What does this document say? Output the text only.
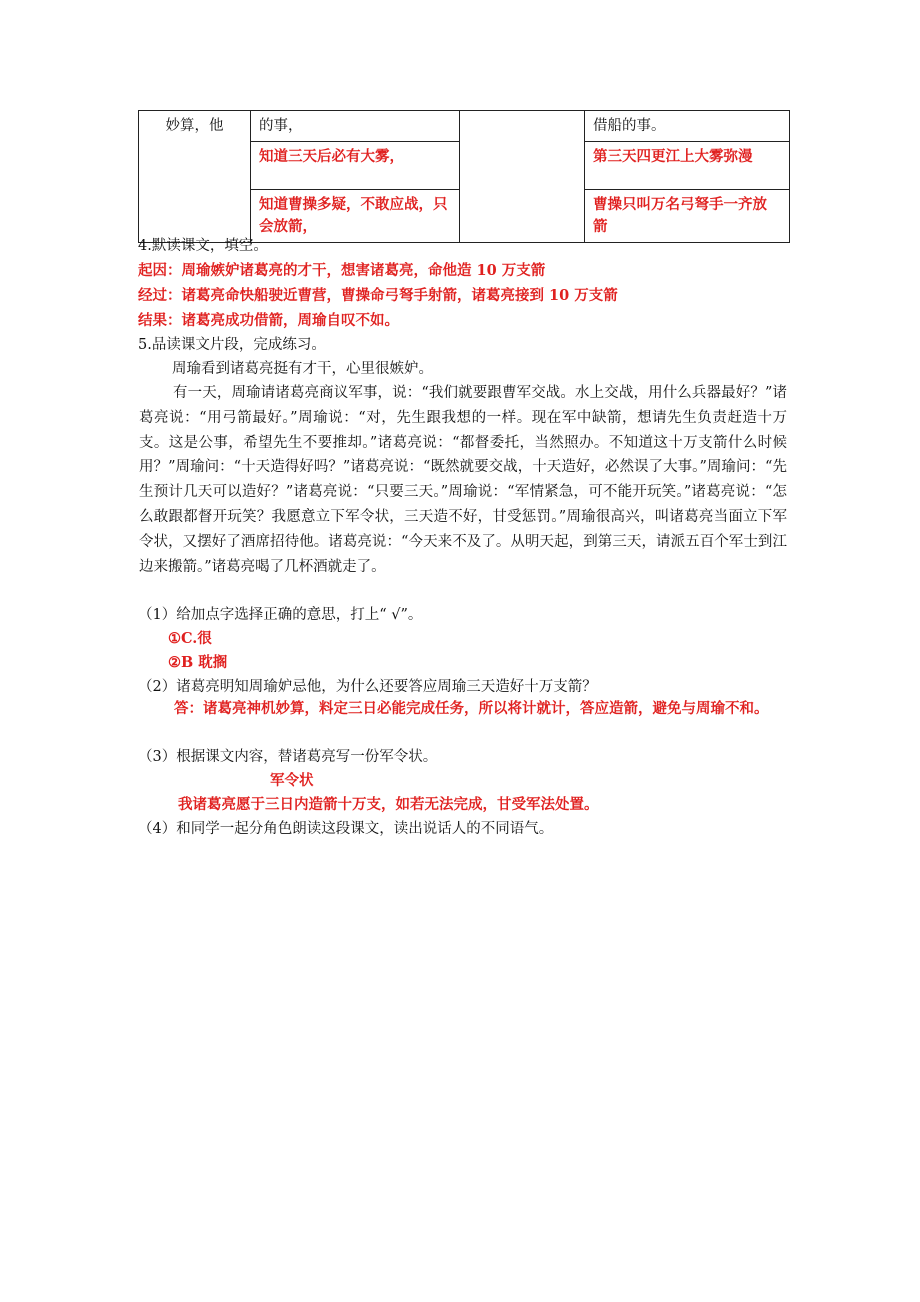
妙算，他	的事，		借船的事。
	知道三天后必有大雾，		第三天四更江上大雾弥漫
	知道曹操多疑，不敢应战，只会放箭，		曹操只叫万名弓弩手一齐放箭
4.默读课文，填空。
起因：周瑜嫉妒诸葛亮的才干，想害诸葛亮，命他造 10 万支箭
经过：诸葛亮命快船驶近曹营，曹操命弓弩手射箭，诸葛亮接到 10 万支箭
结果：诸葛亮成功借箭，周瑜自叹不如。
5.品读课文片段，完成练习。
周瑜看到诸葛亮挺有才干，心里很嫉妒。
有一天，周瑜请诸葛亮商议军事，说：“我们就要跟曹军交战。水上交战，用什么兵器最好？”诸葛亮说：“用弓箭最好。”周瑜说：“对，先生跟我想的一样。现在军中缺箭，想请先生负责赶造十万支。这是公事，希望先生不要推却。”诸葛亮说：“都督委托，当然照办。不知道这十万支箭什么时候用？”周瑜问：“十天造得好吗？”诸葛亮说：“既然就要交战，十天造好，必然误了大事。”周瑜问：“先生预计几天可以造好？”诸葛亮说：“只要三天。”周瑜说：“军情紧急，可不能开玩笑。”诸葛亮说：“怎么敢跟都督开玩笑？我愿意立下军令状，三天造不好，甘受惩罚。”周瑜很高兴，叫诸葛亮当面立下军令状，又摆好了酒席招待他。诸葛亮说：“今天来不及了。从明天起，到第三天，请派五百个军士到江边来搬箭。”诸葛亮喝了几杯酒就走了。
（1）给加点字选择正确的意思，打上“ √”。
①C.很
②B 耽搁
（2）诸葛亮明知周瑜妒忌他，为什么还要答应周瑜三天造好十万支箭？
答：诸葛亮神机妙算，料定三日必能完成任务，所以将计就计，答应造箭，避免与周瑜不和。
（3）根据课文内容，替诸葛亮写一份军令状。
军令状
我诸葛亮愿于三日内造箭十万支，如若无法完成，甘受军法处置。
（4）和同学一起分角色朗读这段课文，读出说话人的不同语气。
